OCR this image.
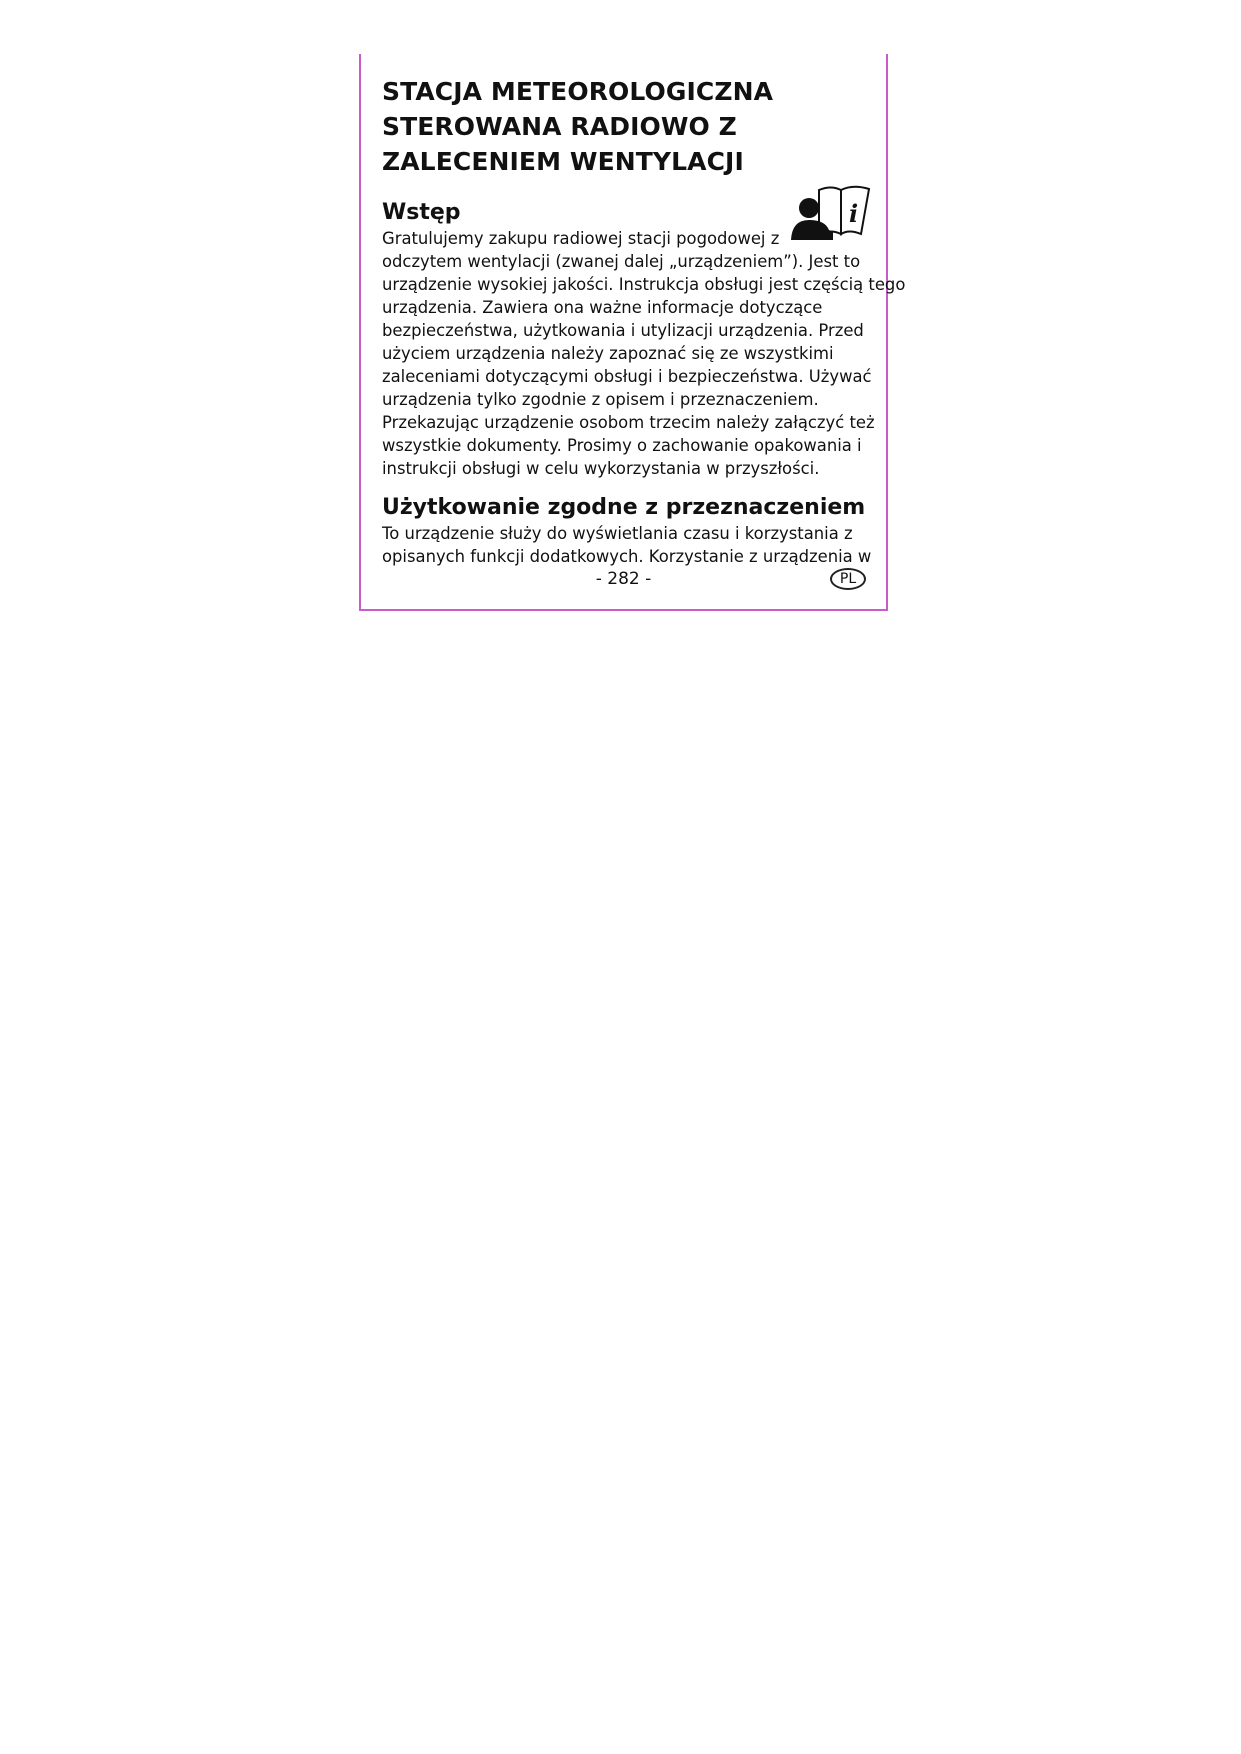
STACJA METEOROLOGICZNA
STEROWANA RADIOWO Z
ZALECENIEM WENTYLACJI
Wstęp

Gratulujemy zakupu radiowej stacji pogodowej z
odczytem wentylacji (zwanej dalej „urządzeniem”). Jest to
urządzenie wysokiej jakości. Instrukcja obsługi jest częścią tego
urządzenia. Zawiera ona ważne informacje dotyczące
bezpieczeństwa, użytkowania i utylizacji urządzenia. Przed
użyciem urządzenia należy zapoznać się ze wszystkimi
zaleceniami dotyczącymi obsługi i bezpieczeństwa. Używać
urządzenia tylko zgodnie z opisem i przeznaczeniem.
Przekazując urządzenie osobom trzecim należy załączyć też
wszystkie dokumenty. Prosimy o zachowanie opakowania i
instrukcji obsługi w celu wykorzystania w przyszłości.

Użytkowanie zgodne z przeznaczeniem

To urządzenie służy do wyświetlania czasu i korzystania z
opisanych funkcji dodatkowych. Korzystanie z urządzenia w

i
- 282 -	PL
